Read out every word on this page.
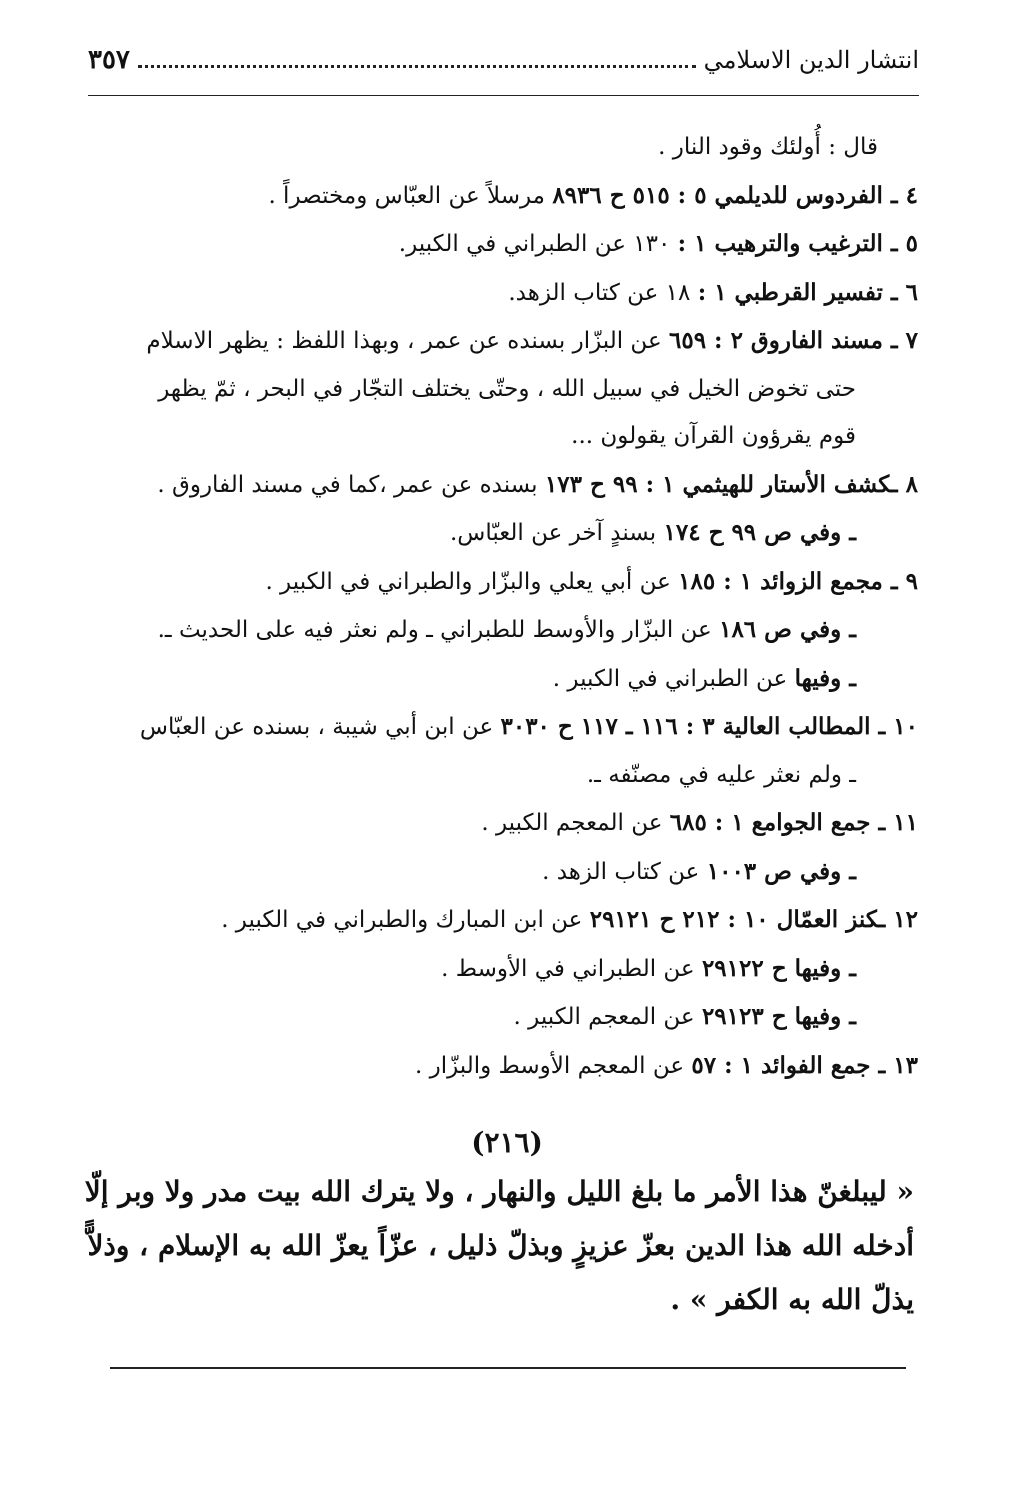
انتشار الدين الاسلامي
٣٥٧
قال : أُولئك وقود النار .
٤ ـ الفردوس للديلمي ٥ : ٥١٥ ح ٨٩٣٦ مرسلاً عن العبّاس ومختصراً .
٥ ـ الترغيب والترهيب ١ : ١٣٠ عن الطبراني في الكبير.
٦ ـ تفسير القرطبي ١ : ١٨ عن كتاب الزهد.
٧ ـ مسند الفاروق ٢ : ٦٥٩ عن البزّار بسنده عن عمر ، وبهذا اللفظ : يظهر الاسلام
حتى تخوض الخيل في سبيل الله ، وحتّى يختلف التجّار في البحر ، ثمّ يظهر
قوم يقرؤون القرآن يقولون ...
٨ ـكشف الأستار للهيثمي ١ : ٩٩ ح ١٧٣ بسنده عن عمر ،كما في مسند الفاروق .
ـ وفي ص ٩٩ ح ١٧٤ بسندٍ آخر عن العبّاس.
٩ ـ مجمع الزوائد ١ : ١٨٥ عن أبي يعلي والبزّار والطبراني في الكبير .
ـ وفي ص ١٨٦ عن البزّار والأوسط للطبراني ـ ولم نعثر فيه على الحديث ـ.
ـ وفيها عن الطبراني في الكبير .
١٠ ـ المطالب العالية ٣ : ١١٦ ـ ١١٧ ح ٣٠٣٠ عن ابن أبي شيبة ، بسنده عن العبّاس
ـ ولم نعثر عليه في مصنّفه ـ.
١١ ـ جمع الجوامع ١ : ٦٨٥ عن المعجم الكبير .
ـ وفي ص ١٠٠٣ عن كتاب الزهد .
١٢ ـكنز العمّال ١٠ : ٢١٢ ح ٢٩١٢١ عن ابن المبارك والطبراني في الكبير .
ـ وفيها ح ٢٩١٢٢ عن الطبراني في الأوسط .
ـ وفيها ح ٢٩١٢٣ عن المعجم الكبير .
١٣ ـ جمع الفوائد ١ : ٥٧ عن المعجم الأوسط والبزّار .
(٢١٦)
« ليبلغنّ هذا الأمر ما بلغ الليل والنهار ، ولا يترك الله بيت مدر ولا وبر إلّا
أدخله الله هذا الدين بعزّ عزيزٍ وبذلّ ذليل ، عزّاً يعزّ الله به الإسلام ، وذلاًّ
يذلّ الله به الكفر » .
